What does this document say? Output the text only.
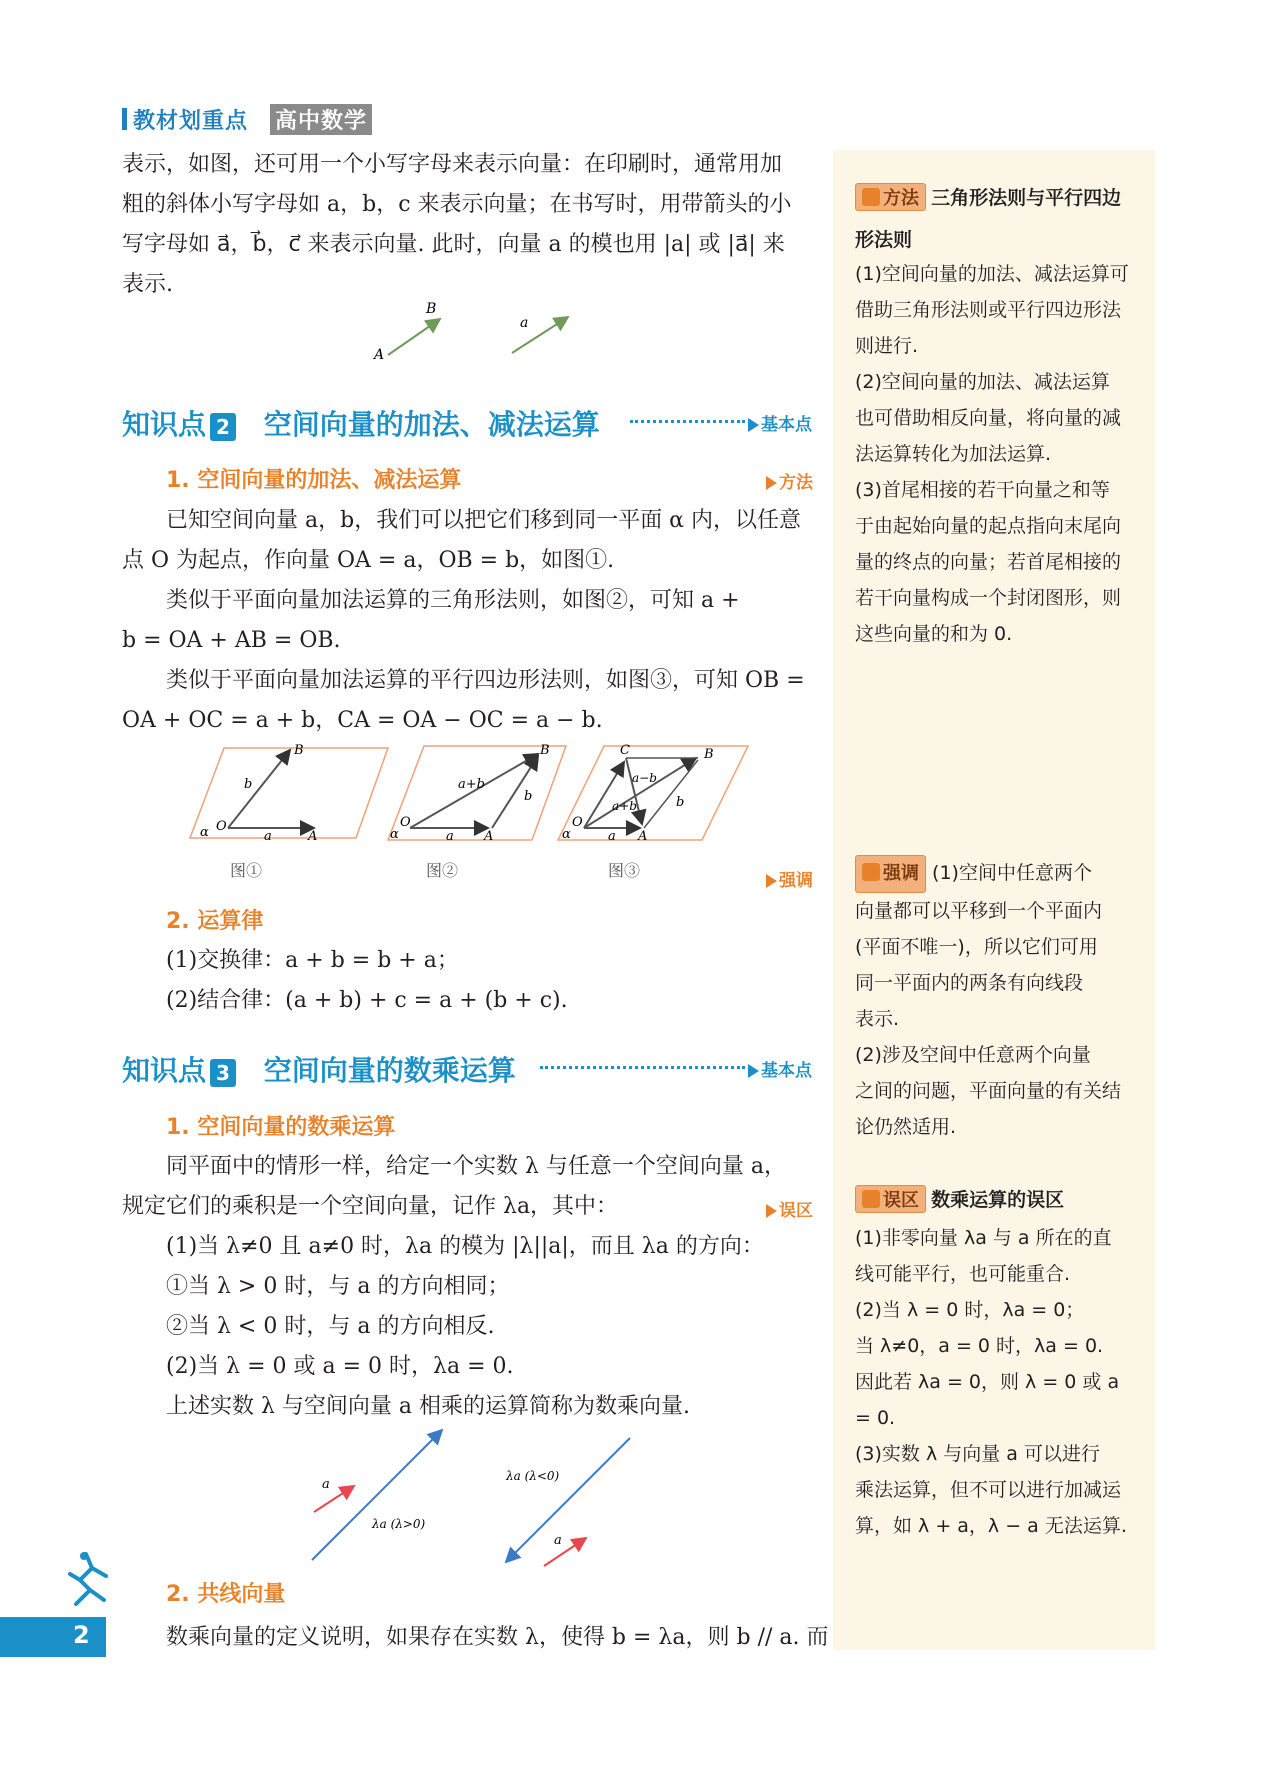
教材划重点 高中数学
表示，如图，还可用一个小写字母来表示向量：在印刷时，通常用加
粗的斜体小写字母如 a，b，c 来表示向量；在书写时，用带箭头的小
写字母如 a⃗，b⃗，c⃗ 来表示向量. 此时，向量 a 的模也用 |a| 或 |a⃗| 来
表示.
B
A
a
知识点 2 空间向量的加法、减法运算	基本点
1. 空间向量的加法、减法运算	方法
已知空间向量 a，b，我们可以把它们移到同一平面 α 内，以任意
点 O 为起点，作向量 OA = a，OB = b，如图①.
类似于平面向量加法运算的三角形法则，如图②，可知 a +
b = OA + AB = OB.
类似于平面向量加法运算的平行四边形法则，如图③，可知 OB =
OA + OC = a + b，CA = OA − OC = a − b.
B
b
α O
a	A
图①
B
a+b
b
α
O
a A
图②
C	B
a−b
a+b	b
α
O
a A
图③
强调
2. 运算律
(1)交换律：a + b = b + a；
(2)结合律：(a + b) + c = a + (b + c).
知识点 3 空间向量的数乘运算	基本点
1. 空间向量的数乘运算
同平面中的情形一样，给定一个实数 λ 与任意一个空间向量 a，
规定它们的乘积是一个空间向量，记作 λa，其中：
(1)当 λ≠0 且 a≠0 时，λa 的模为 |λ||a|，而且 λa 的方向：
①当 λ > 0 时，与 a 的方向相同；
②当 λ < 0 时，与 a 的方向相反.
(2)当 λ = 0 或 a = 0 时，λa = 0.
上述实数 λ 与空间向量 a 相乘的运算简称为数乘向量.
误区
a
λa (λ>0)
λa (λ<0)
a
2. 共线向量
数乘向量的定义说明，如果存在实数 λ，使得 b = λa，则 b // a. 而
方法 三角形法则与平行四边
形法则
(1)空间向量的加法、减法运算可
借助三角形法则或平行四边形法
则进行.
(2)空间向量的加法、减法运算
也可借助相反向量，将向量的减
法运算转化为加法运算.
(3)首尾相接的若干向量之和等
于由起始向量的起点指向末尾向
量的终点的向量；若首尾相接的
若干向量构成一个封闭图形，则
这些向量的和为 0.
强调 (1)空间中任意两个
向量都可以平移到一个平面内
(平面不唯一)，所以它们可用
同一平面内的两条有向线段
表示.
(2)涉及空间中任意两个向量
之间的问题，平面向量的有关结
论仍然适用.
误区 数乘运算的误区
(1)非零向量 λa 与 a 所在的直
线可能平行，也可能重合.
(2)当 λ = 0 时，λa = 0；
当 λ≠0，a = 0 时，λa = 0.
因此若 λa = 0，则 λ = 0 或 a = 0.
(3)实数 λ 与向量 a 可以进行
乘法运算，但不可以进行加减运
算，如 λ + a，λ − a 无法运算.
2
